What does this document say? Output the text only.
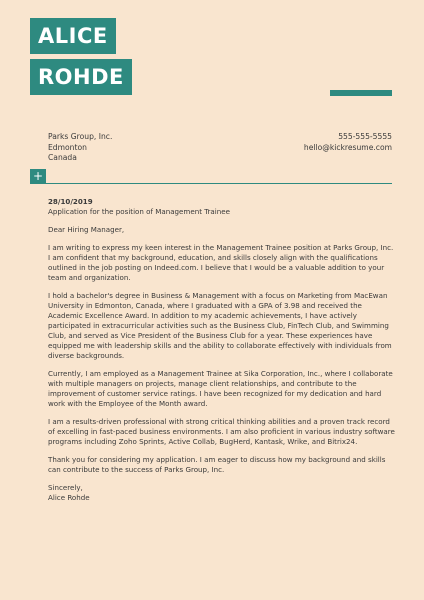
ALICE
ROHDE
Parks Group, Inc.
Edmonton
Canada
555-555-5555
hello@kickresume.com
+

28/10/2019

Application for the position of Management Trainee

Dear Hiring Manager,

I am writing to express my keen interest in the Management Trainee position at Parks Group, Inc. I am confident that my background, education, and skills closely align with the qualifications outlined in the job posting on Indeed.com. I believe that I would be a valuable addition to your team and organization.

I hold a bachelor's degree in Business & Management with a focus on Marketing from MacEwan University in Edmonton, Canada, where I graduated with a GPA of 3.98 and received the Academic Excellence Award. In addition to my academic achievements, I have actively participated in extracurricular activities such as the Business Club, FinTech Club, and Swimming Club, and served as Vice President of the Business Club for a year. These experiences have equipped me with leadership skills and the ability to collaborate effectively with individuals from diverse backgrounds.

Currently, I am employed as a Management Trainee at Sika Corporation, Inc., where I collaborate with multiple managers on projects, manage client relationships, and contribute to the improvement of customer service ratings. I have been recognized for my dedication and hard work with the Employee of the Month award.

I am a results-driven professional with strong critical thinking abilities and a proven track record of excelling in fast-paced business environments. I am also proficient in various industry software programs including Zoho Sprints, Active Collab, BugHerd, Kantask, Wrike, and Bitrix24.

Thank you for considering my application. I am eager to discuss how my background and skills can contribute to the success of Parks Group, Inc.

Sincerely,
Alice Rohde
